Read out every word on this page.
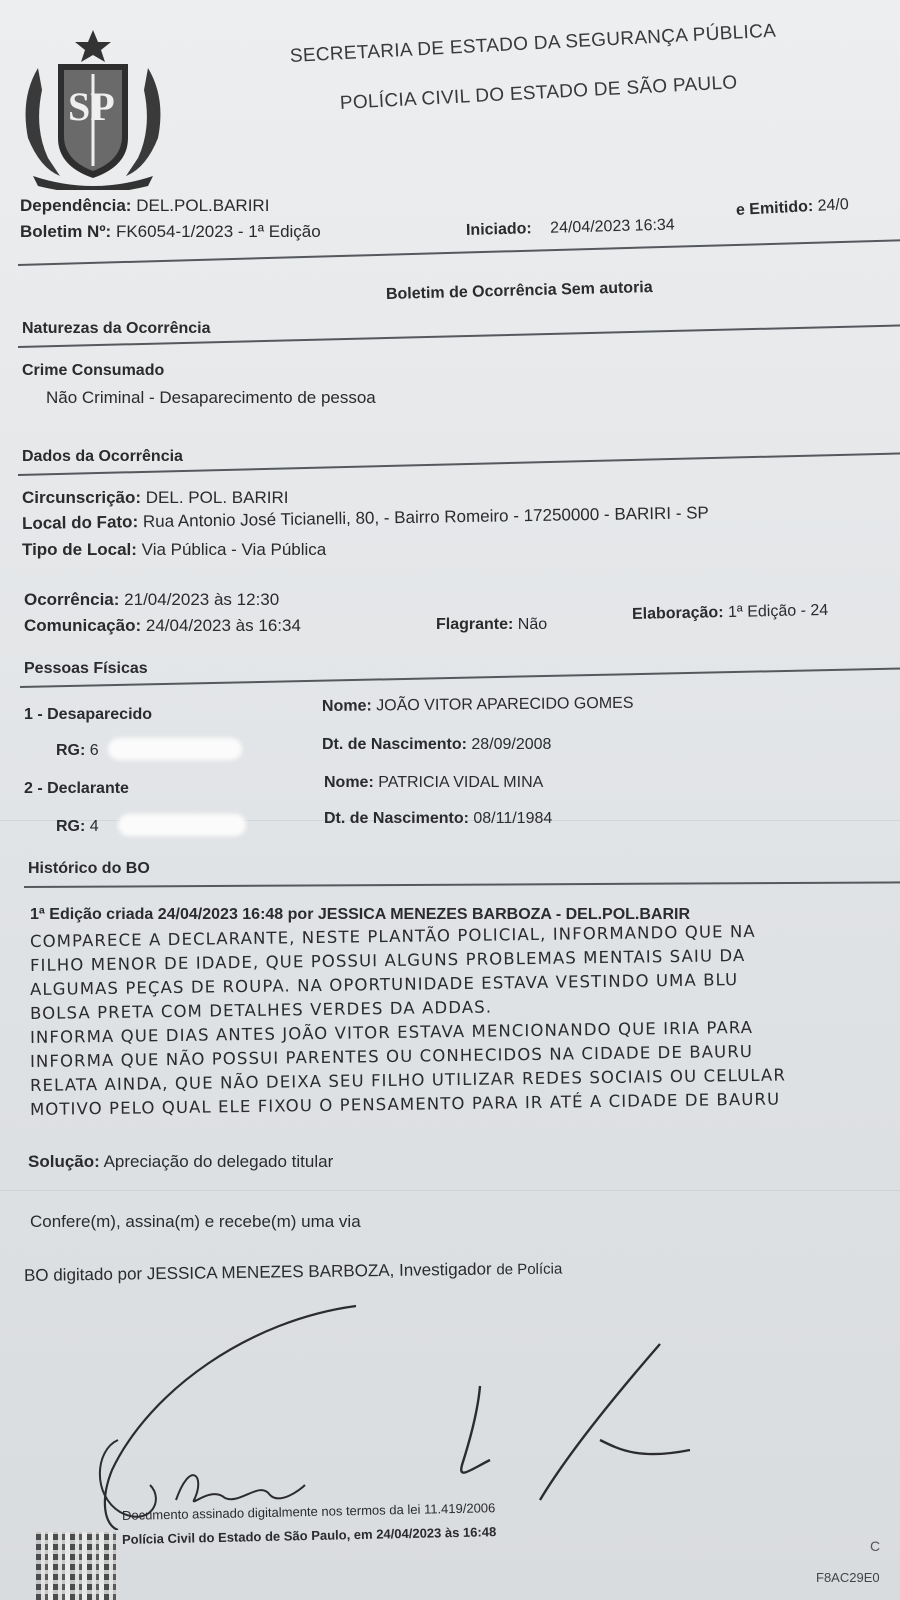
SP
SECRETARIA DE ESTADO DA SEGURANÇA PÚBLICA
POLÍCIA CIVIL DO ESTADO DE SÃO PAULO
Dependência: DEL.POL.BARIRI
Boletim Nº: FK6054-1/2023 - 1ª Edição	Iniciado: 24/04/2023 16:34
e Emitido: 24/0
Boletim de Ocorrência Sem autoria
Naturezas da Ocorrência
Crime Consumado
Não Criminal - Desaparecimento de pessoa
Dados da Ocorrência
Circunscrição: DEL. POL. BARIRI
Local do Fato: Rua Antonio José Ticianelli, 80, - Bairro Romeiro - 17250000 - BARIRI - SP
Tipo de Local: Via Pública - Via Pública
Ocorrência: 21/04/2023 às 12:30
Comunicação: 24/04/2023 às 16:34	Flagrante: Não
Elaboração: 1ª Edição - 24
Pessoas Físicas
1 - Desaparecido
RG: 6
Nome: JOÃO VITOR APARECIDO GOMES
Dt. de Nascimento: 28/09/2008
2 - Declarante
RG: 4
Nome: PATRICIA VIDAL MINA
Dt. de Nascimento: 08/11/1984
Histórico do BO
1ª Edição criada 24/04/2023 16:48 por JESSICA MENEZES BARBOZA - DEL.POL.BARIR
COMPARECE A DECLARANTE, NESTE PLANTÃO POLICIAL, INFORMANDO QUE NA
FILHO MENOR DE IDADE, QUE POSSUI ALGUNS PROBLEMAS MENTAIS SAIU DA
ALGUMAS PEÇAS DE ROUPA. NA OPORTUNIDADE ESTAVA VESTINDO UMA BLU
BOLSA PRETA COM DETALHES VERDES DA ADDAS.
INFORMA QUE DIAS ANTES JOÃO VITOR ESTAVA MENCIONANDO QUE IRIA PARA
INFORMA QUE NÃO POSSUI PARENTES OU CONHECIDOS NA CIDADE DE BAURU
RELATA AINDA, QUE NÃO DEIXA SEU FILHO UTILIZAR REDES SOCIAIS OU CELULAR
MOTIVO PELO QUAL ELE FIXOU O PENSAMENTO PARA IR ATÉ A CIDADE DE BAURU
Solução: Apreciação do delegado titular
Confere(m), assina(m) e recebe(m) uma via
BO digitado por JESSICA MENEZES BARBOZA, Investigador de Polícia
Documento assinado digitalmente nos termos da lei 11.419/2006
Polícia Civil do Estado de São Paulo, em 24/04/2023 às 16:48	C
F8AC29E0
